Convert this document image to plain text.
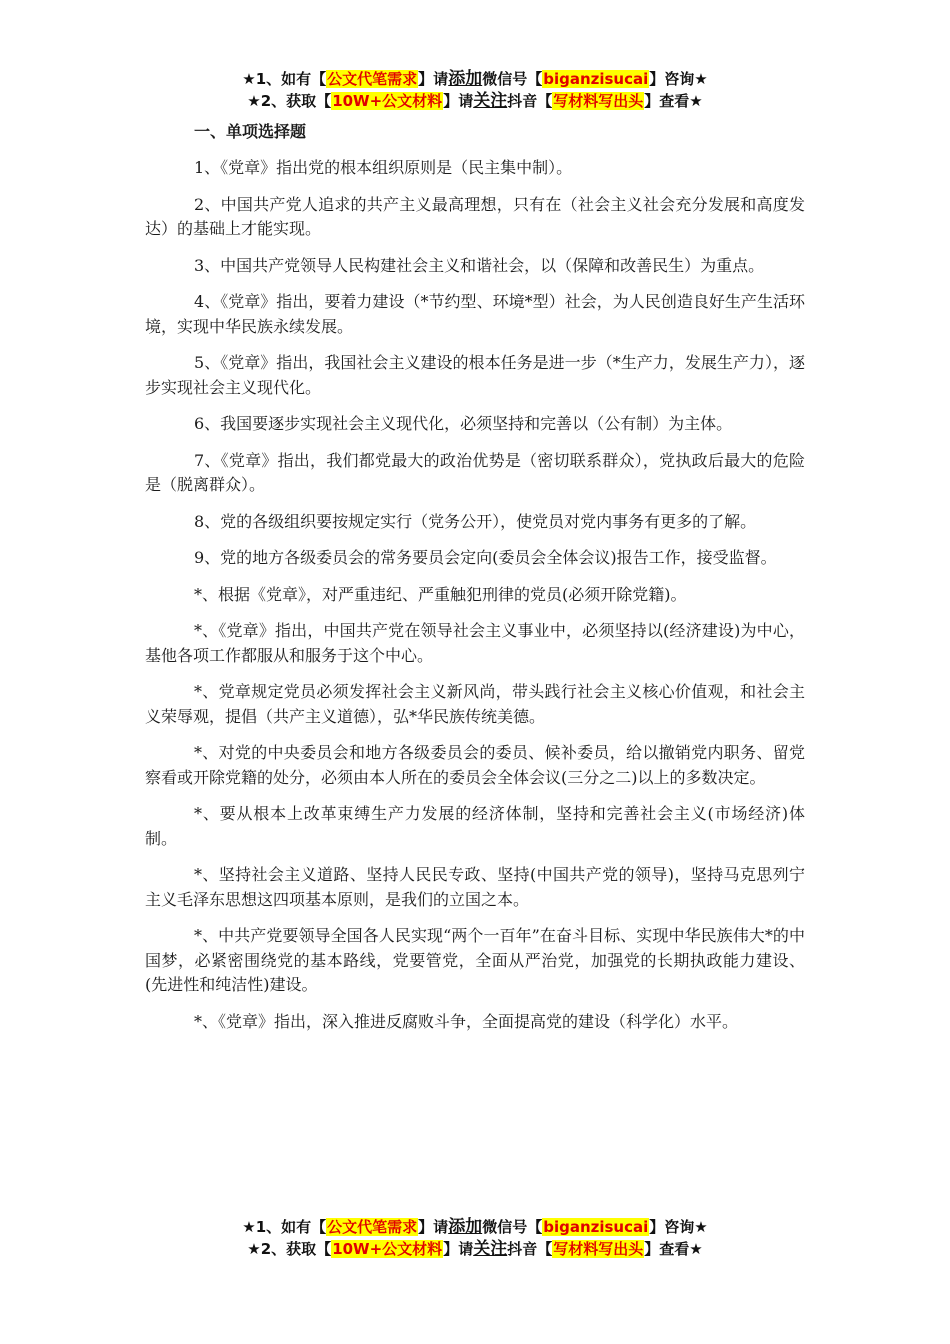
★1、如有【公文代笔需求】请添加微信号【biganzisucai】咨询★
★2、获取【10W+公文材料】请关注抖音【写材料写出头】查看★
一、单项选择题

1、《党章》指出党的根本组织原则是（民主集中制）。

2、中国共产党人追求的共产主义最高理想，只有在（社会主义社会充分发展和高度发达）的基础上才能实现。

3、中国共产党领导人民构建社会主义和谐社会，以（保障和改善民生）为重点。

4、《党章》指出，要着力建设（*节约型、环境*型）社会，为人民创造良好生产生活环境，实现中华民族永续发展。

5、《党章》指出，我国社会主义建设的根本任务是进一步（*生产力，发展生产力），逐步实现社会主义现代化。

6、我国要逐步实现社会主义现代化，必须坚持和完善以（公有制）为主体。

7、《党章》指出，我们都党最大的政治优势是（密切联系群众），党执政后最大的危险是（脱离群众）。

8、党的各级组织要按规定实行（党务公开），使党员对党内事务有更多的了解。

9、党的地方各级委员会的常务要员会定向(委员会全体会议)报告工作，接受监督。

*、根据《党章》，对严重违纪、严重触犯刑律的党员(必须开除党籍)。

*、《党章》指出，中国共产党在领导社会主义事业中，必须坚持以(经济建设)为中心，基他各项工作都服从和服务于这个中心。

*、党章规定党员必须发挥社会主义新风尚，带头践行社会主义核心价值观，和社会主义荣辱观，提倡（共产主义道德），弘*华民族传统美德。

*、对党的中央委员会和地方各级委员会的委员、候补委员，给以撤销党内职务、留党察看或开除党籍的处分，必须由本人所在的委员会全体会议(三分之二)以上的多数决定。

*、要从根本上改革束缚生产力发展的经济体制，坚持和完善社会主义(市场经济)体制。

*、坚持社会主义道路、坚持人民民专政、坚持(中国共产党的领导)，坚持马克思列宁主义毛泽东思想这四项基本原则，是我们的立国之本。

*、中共产党要领导全国各人民实现“两个一百年”在奋斗目标、实现中华民族伟大*的中国梦，必紧密围绕党的基本路线，党要管党，全面从严治党，加强党的长期执政能力建设、(先进性和纯洁性)建设。

*、《党章》指出，深入推进反腐败斗争，全面提高党的建设（科学化）水平。

★1、如有【公文代笔需求】请添加微信号【biganzisucai】咨询★
★2、获取【10W+公文材料】请关注抖音【写材料写出头】查看★
